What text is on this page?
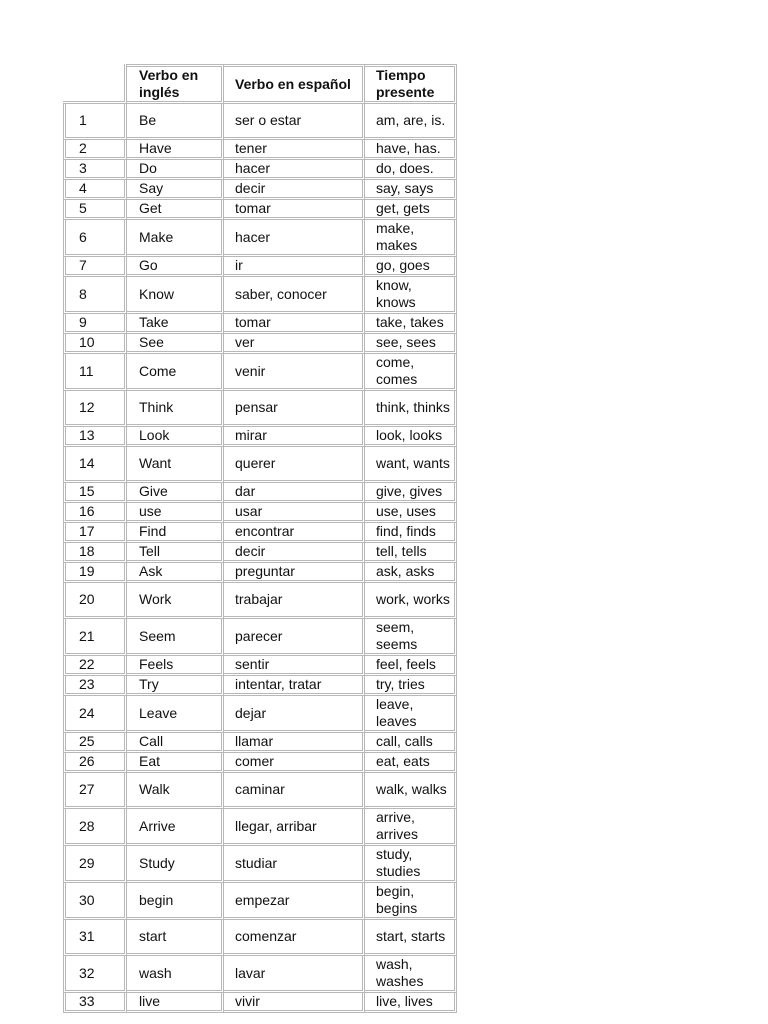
	Verbo en inglés	Verbo en español	Tiempo presente
1	Be	ser o estar	am, are, is.
2	Have	tener	have, has.
3	Do	hacer	do, does.
4	Say	decir	say, says
5	Get	tomar	get, gets
6	Make	hacer	make, makes
7	Go	ir	go, goes
8	Know	saber, conocer	know, knows
9	Take	tomar	take, takes
10	See	ver	see, sees
11	Come	venir	come, comes
12	Think	pensar	think, thinks
13	Look	mirar	look, looks
14	Want	querer	want, wants
15	Give	dar	give, gives
16	use	usar	use, uses
17	Find	encontrar	find, finds
18	Tell	decir	tell, tells
19	Ask	preguntar	ask, asks
20	Work	trabajar	work, works
21	Seem	parecer	seem, seems
22	Feels	sentir	feel, feels
23	Try	intentar, tratar	try, tries
24	Leave	dejar	leave, leaves
25	Call	llamar	call, calls
26	Eat	comer	eat, eats
27	Walk	caminar	walk, walks
28	Arrive	llegar, arribar	arrive, arrives
29	Study	studiar	study, studies
30	begin	empezar	begin, begins
31	start	comenzar	start, starts
32	wash	lavar	wash, washes
33	live	vivir	live, lives
